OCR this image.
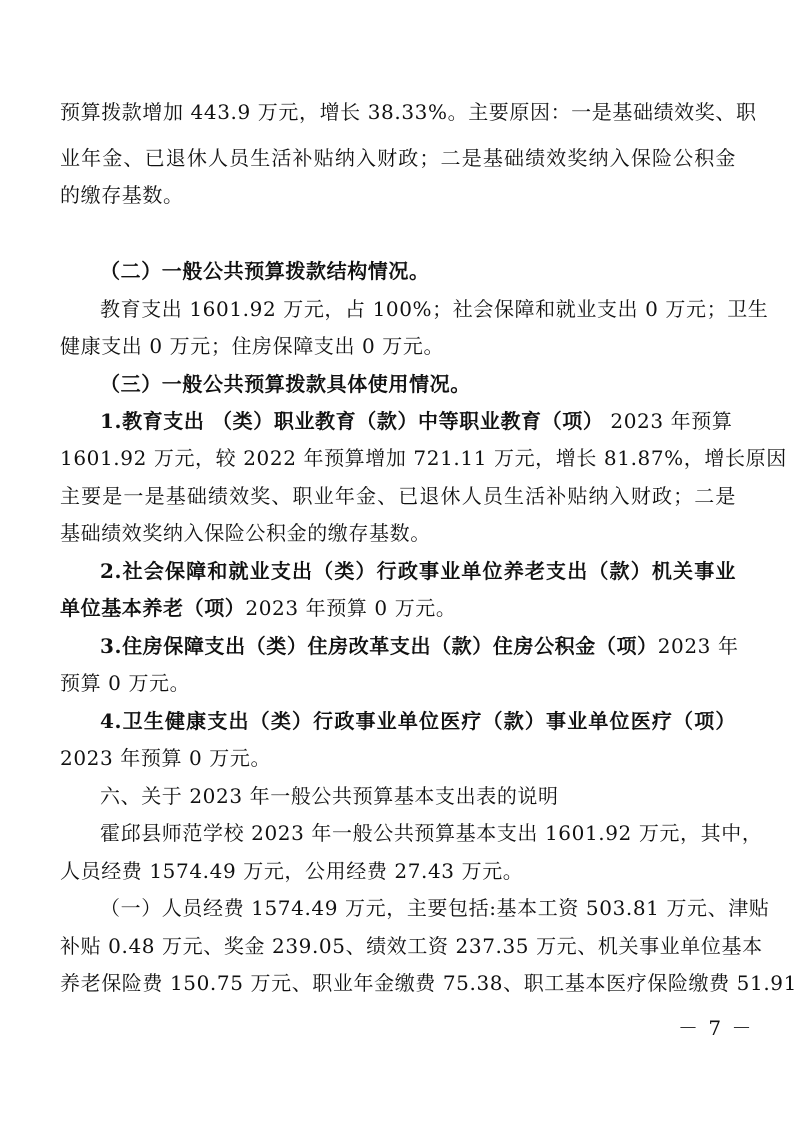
预算拨款增加 443.9 万元，增长 38.33%。主要原因：一是基础绩效奖、职
业年金、已退休人员生活补贴纳入财政；二是基础绩效奖纳入保险公积金
的缴存基数。
（二）一般公共预算拨款结构情况。
教育支出 1601.92 万元，占 100%；社会保障和就业支出 0 万元；卫生
健康支出 0 万元；住房保障支出 0 万元。
（三）一般公共预算拨款具体使用情况。
1.教育支出 （类）职业教育（款）中等职业教育（项） 2023 年预算
1601.92 万元，较 2022 年预算增加 721.11 万元，增长 81.87%，增长原因
主要是一是基础绩效奖、职业年金、已退休人员生活补贴纳入财政；二是
基础绩效奖纳入保险公积金的缴存基数。
2.社会保障和就业支出（类）行政事业单位养老支出（款）机关事业
单位基本养老（项）2023 年预算 0 万元。
3.住房保障支出（类）住房改革支出（款）住房公积金（项）2023 年
预算 0 万元。
4.卫生健康支出（类）行政事业单位医疗（款）事业单位医疗（项）
2023 年预算 0 万元。
六、关于 2023 年一般公共预算基本支出表的说明
霍邱县师范学校 2023 年一般公共预算基本支出 1601.92 万元，其中，
人员经费 1574.49 万元，公用经费 27.43 万元。
（一）人员经费 1574.49 万元，主要包括:基本工资 503.81 万元、津贴
补贴 0.48 万元、奖金 239.05、绩效工资 237.35 万元、机关事业单位基本
养老保险费 150.75 万元、职业年金缴费 75.38、职工基本医疗保险缴费 51.91
－ 7 －
